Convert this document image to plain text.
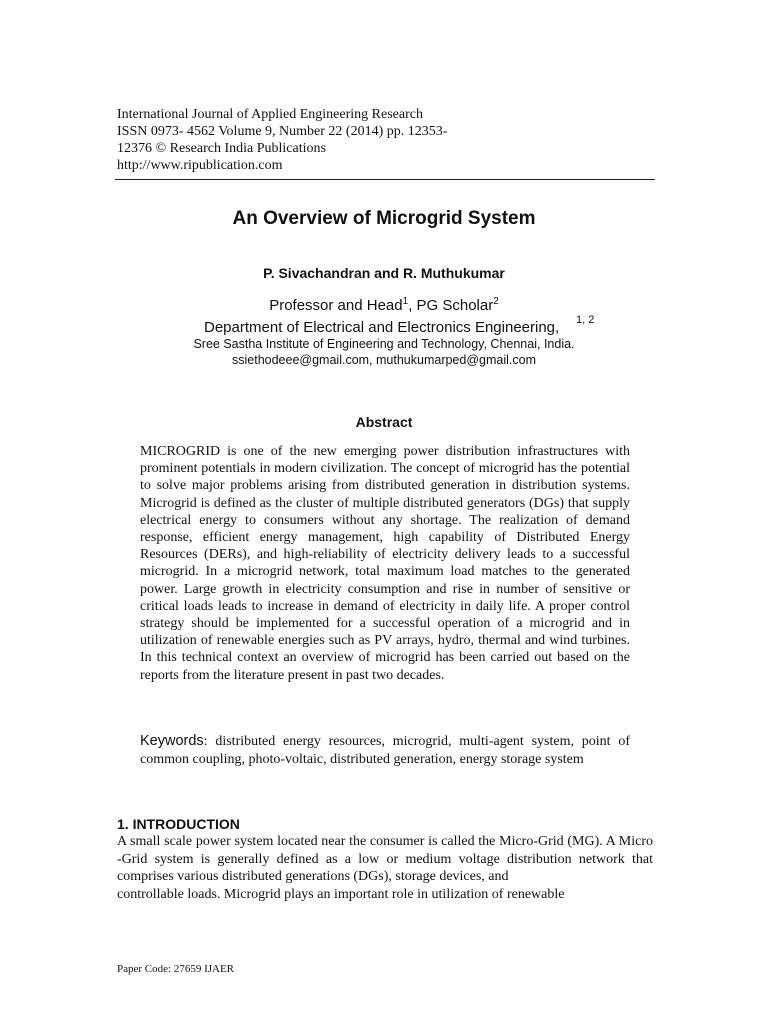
International Journal of Applied Engineering Research
ISSN 0973- 4562 Volume 9, Number 22 (2014) pp. 12353-
12376 © Research India Publications
http://www.ripublication.com
An Overview of Microgrid System
P. Sivachandran and R. Muthukumar
Professor and Head$^1$, PG Scholar$^2$
Department of Electrical and Electronics Engineering, 1, 2
Sree Sastha Institute of Engineering and Technology, Chennai, India.
ssiethodeee@gmail.com, muthukumarped@gmail.com
Abstract

MICROGRID is one of the new emerging power distribution infrastructures with prominent potentials in modern civilization. The concept of microgrid has the potential to solve major problems arising from distributed generation in distribution systems. Microgrid is defined as the cluster of multiple distributed generators (DGs) that supply electrical energy to consumers without any shortage. The realization of demand response, efficient energy management, high capability of Distributed Energy Resources (DERs), and high-reliability of electricity delivery leads to a successful microgrid. In a microgrid network, total maximum load matches to the generated power. Large growth in electricity consumption and rise in number of sensitive or critical loads leads to increase in demand of electricity in daily life. A proper control strategy should be implemented for a successful operation of a microgrid and in utilization of renewable energies such as PV arrays, hydro, thermal and wind turbines. In this technical context an overview of microgrid has been carried out based on the reports from the literature present in past two decades.

Keywords: distributed energy resources, microgrid, multi-agent system, point of common coupling, photo-voltaic, distributed generation, energy storage system

1. INTRODUCTION

A small scale power system located near the consumer is called the Micro-Grid (MG). A Micro -Grid system is generally defined as a low or medium voltage distribution network that comprises various distributed generations (DGs), storage devices, and

controllable loads. Microgrid plays an important role in utilization of renewable

Paper Code: 27659 IJAER
